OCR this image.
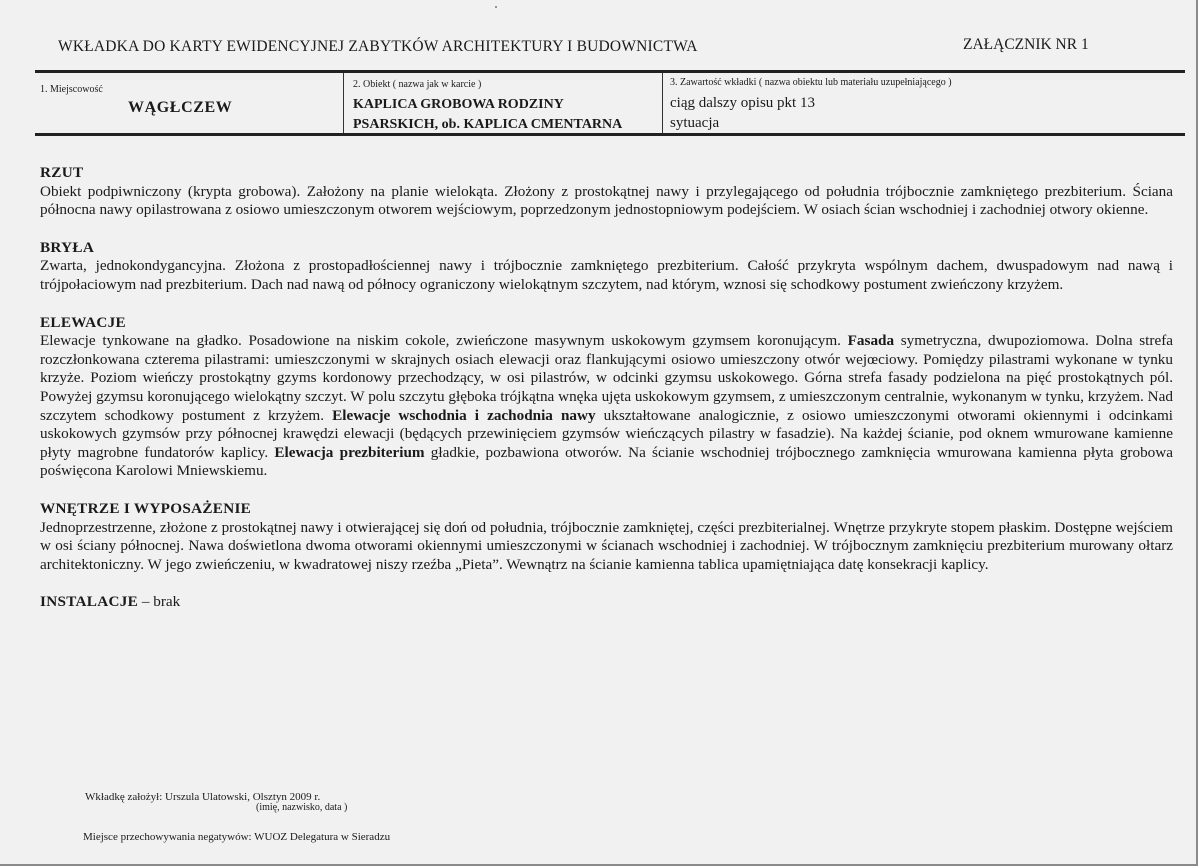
WKŁADKA DO KARTY EWIDENCYJNEJ ZABYTKÓW ARCHITEKTURY I BUDOWNICTWA	ZAŁĄCZNIK NR 1
1. Miejscowość
WĄGŁCZEW
2. Obiekt ( nazwa jak w karcie )
KAPLICA GROBOWA RODZINY
PSARSKICH, ob. KAPLICA CMENTARNA
3. Zawartość wkładki ( nazwa obiektu lub materiału uzupełniającego )
ciąg dalszy opisu pkt 13
sytuacja
RZUT

Obiekt podpiwniczony (krypta grobowa). Założony na planie wielokąta. Złożony z prostokątnej nawy i przylegającego od południa trójbocznie zamkniętego prezbiterium. Ściana północna nawy opilastrowana z osiowo umieszczonym otworem wejściowym, poprzedzonym jednostopniowym podejściem. W osiach ścian wschodniej i zachodniej otwory okienne.

BRYŁA

Zwarta, jednokondygancyjna. Złożona z prostopadłościennej nawy i trójbocznie zamkniętego prezbiterium. Całość przykryta wspólnym dachem, dwuspadowym nad nawą i trójpołaciowym nad prezbiterium. Dach nad nawą od północy ograniczony wielokątnym szczytem, nad którym, wznosi się schodkowy postument zwieńczony krzyżem.

ELEWACJE

Elewacje tynkowane na gładko. Posadowione na niskim cokole, zwieńczone masywnym uskokowym gzymsem koronującym. Fasada symetryczna, dwupoziomowa. Dolna strefa rozczłonkowana czterema pilastrami: umieszczonymi w skrajnych osiach elewacji oraz flankującymi osiowo umieszczony otwór wejœciowy. Pomiędzy pilastrami wykonane w tynku krzyże. Poziom wieńczy prostokątny gzyms kordonowy przechodzący, w osi pilastrów, w odcinki gzymsu uskokowego. Górna strefa fasady podzielona na pięć prostokątnych pól. Powyżej gzymsu koronującego wielokątny szczyt. W polu szczytu głęboka trójkątna wnęka ujęta uskokowym gzymsem, z umieszczonym centralnie, wykonanym w tynku, krzyżem. Nad szczytem schodkowy postument z krzyżem. Elewacje wschodnia i zachodnia nawy ukształtowane analogicznie, z osiowo umieszczonymi otworami okiennymi i odcinkami uskokowych gzymsów przy północnej krawędzi elewacji (będących przewinięciem gzymsów wieńczących pilastry w fasadzie). Na każdej ścianie, pod oknem wmurowane kamienne płyty magrobne fundatorów kaplicy. Elewacja prezbiterium gładkie, pozbawiona otworów. Na ścianie wschodniej trójbocznego zamknięcia wmurowana kamienna płyta grobowa poświęcona Karolowi Mniewskiemu.

WNĘTRZE I WYPOSAŻENIE

Jednoprzestrzenne, złożone z prostokątnej nawy i otwierającej się doń od południa, trójbocznie zamkniętej, części prezbiterialnej. Wnętrze przykryte stopem płaskim. Dostępne wejściem w osi ściany północnej. Nawa doświetlona dwoma otworami okiennymi umieszczonymi w ścianach wschodniej i zachodniej. W trójbocznym zamknięciu prezbiterium murowany ołtarz architektoniczny. W jego zwieńczeniu, w kwadratowej niszy rzeźba „Pieta”. Wewnątrz na ścianie kamienna tablica upamiętniająca datę konsekracji kaplicy.

INSTALACJE – brak

Wkładkę założył: Urszula Ulatowski, Olsztyn 2009 r.
(imię, nazwisko, data )
Miejsce przechowywania negatywów: WUOZ Delegatura w Sieradzu
